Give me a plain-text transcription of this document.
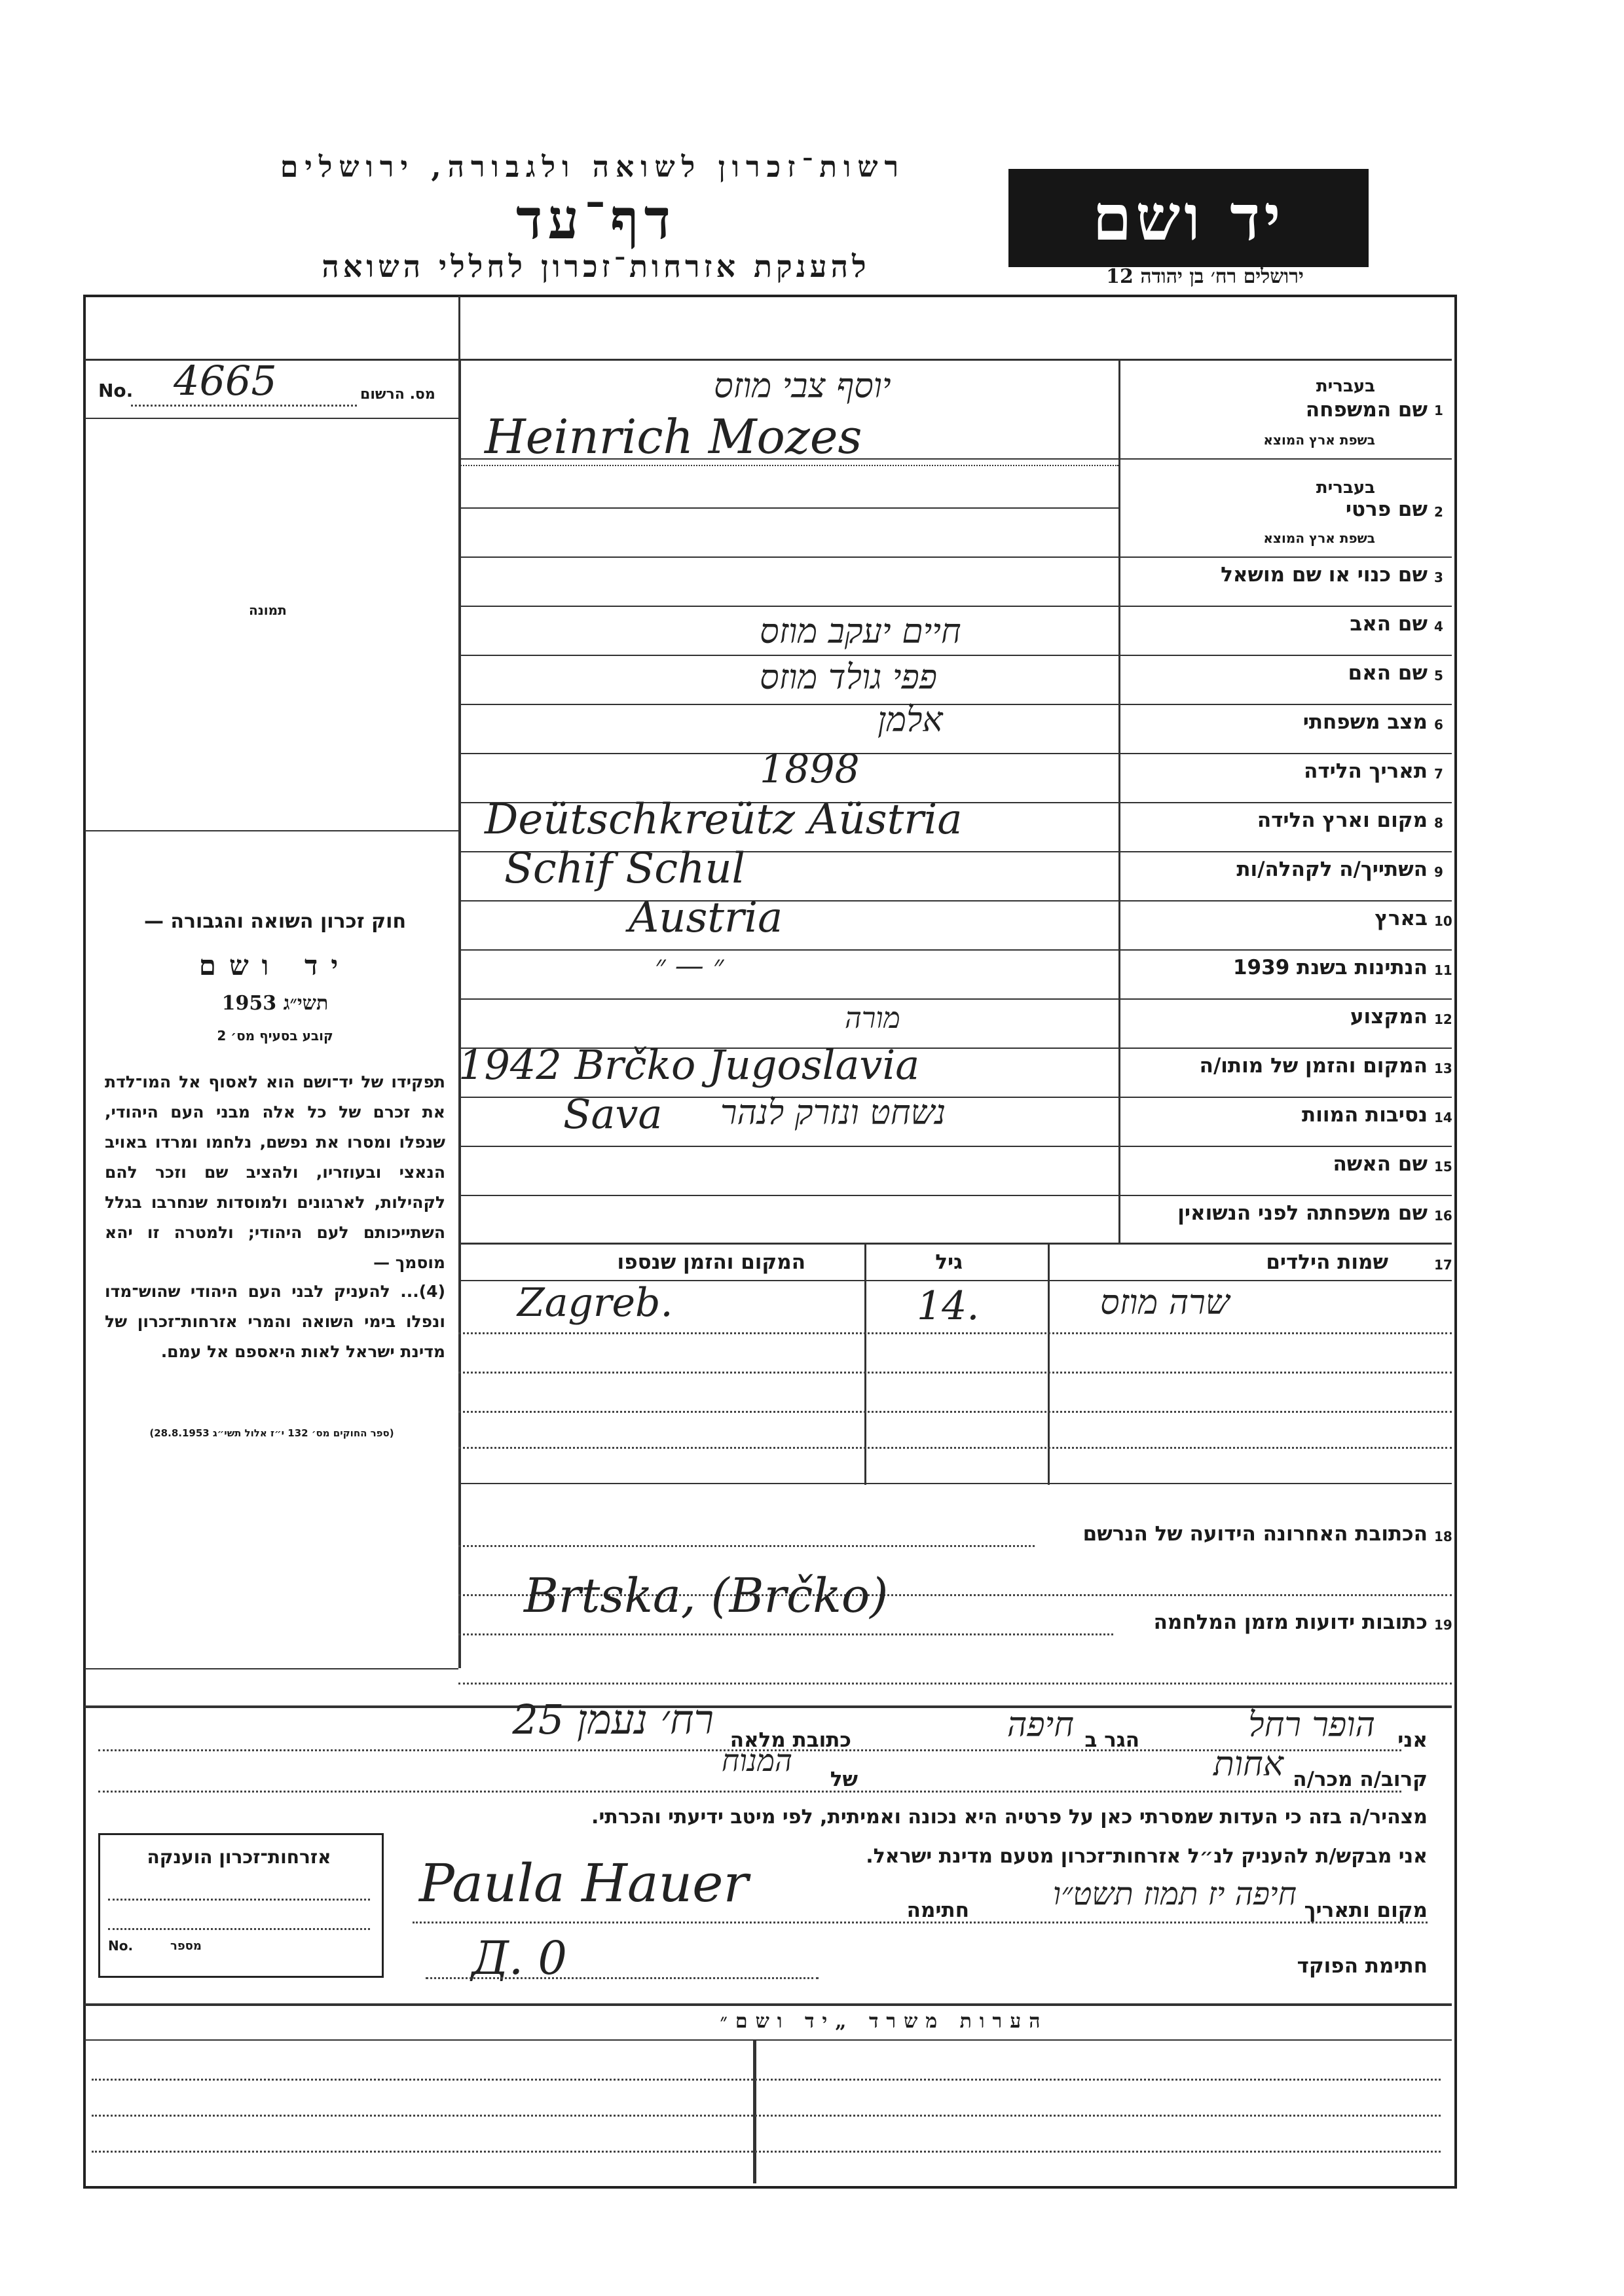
רשות־זכרון לשואה ולגבורה, ירושלים
דף־עד
להענקת אזרחות־זכרון לחללי השואה
יד ושם
ירושלים רח׳ בן יהודה 12
No. 4665	מס. הרשום
תמונה
חוק זכרון השואה והגבורה —
יד ושם
תשי״ג 1953
קובע בסעיף מס׳ 2
תפקידו של יד־ושם הוא לאסוף אל המו־לדת את זכרם של כל אלה מבני העם היהודי, שנפלו ומסרו את נפשם, נלחמו ומרדו באויב הנאצי ובעוזריו, ולהציב שם וזכר להם לקהילות, לארגונים ולמוסדות שנחרבו בגלל השתייכותם לעם היהודי; ולמטרה זו יהא מוסמך —
(4)... להעניק לבני העם היהודי שהוש־מדו ונפלו בימי השואה והמרי אזרחות־זכרון של מדינת ישראל לאות היאספם אל עמם.
(ספר החוקים מס׳ 132 י״ז אלול תשי״ג 28.8.1953)
1
שם המשפחה
בעברית
בשפת ארץ המוצא
יוסף צבי מוזס
Heinrich Mozes
2
שם פרטי
בעברית
בשפת ארץ המוצא
3
שם כנוי או שם מושאל
4
שם האב
חיים יעקב מוזס
5
שם האם
פפי גולד מוזס
6
מצב משפחתי
אלמן
7
תאריך הלידה
1898
8
מקום וארץ הלידה
Deütschkreütz Aüstria
9
השתייך/ה לקהלה/ות
Schif Schul
10
בארץ
Austria
11
הנתינות בשנת 1939
״ — ״
12
המקצוע
מורה
13
המקום והזמן של מותו/ה
1942 Brčko Jugoslavia
14
נסיבות המוות
Sava נשחט ונזרק לנהר
15
שם האשה
16
שם משפחתה לפני הנשואין
17
שמות הילדים
גיל
המקום והזמן שנספו
שרה מוזס
14.
Zagreb.
18
הכתובת האחרונה הידועה של הנרשם
19
כתובות ידועות מזמן המלחמה
Brtska, (Brčko)
אני
הופר רחל
הגר ב
חיפה
כתובת מלאה
רח׳ נעמן 25
קרוב/ה מכר/ה
אחות
של
המנוח
מצהיר/ה בזה כי העדות שמסרתי כאן על פרטיה היא נכונה ואמיתית, לפי מיטב ידיעתי והכרתי.
אני מבקש/ת להעניק לנ״ל אזרחות־זכרון מטעם מדינת ישראל.
מקום ותאריך
חיפה יז תמוז תשט״ו
חתימה
Paula Hauer
חתימת הפוקד
Д. 0
אזרחות־זכרון הוענקה
No.	מספר
הערות משרד „יד ושם״
